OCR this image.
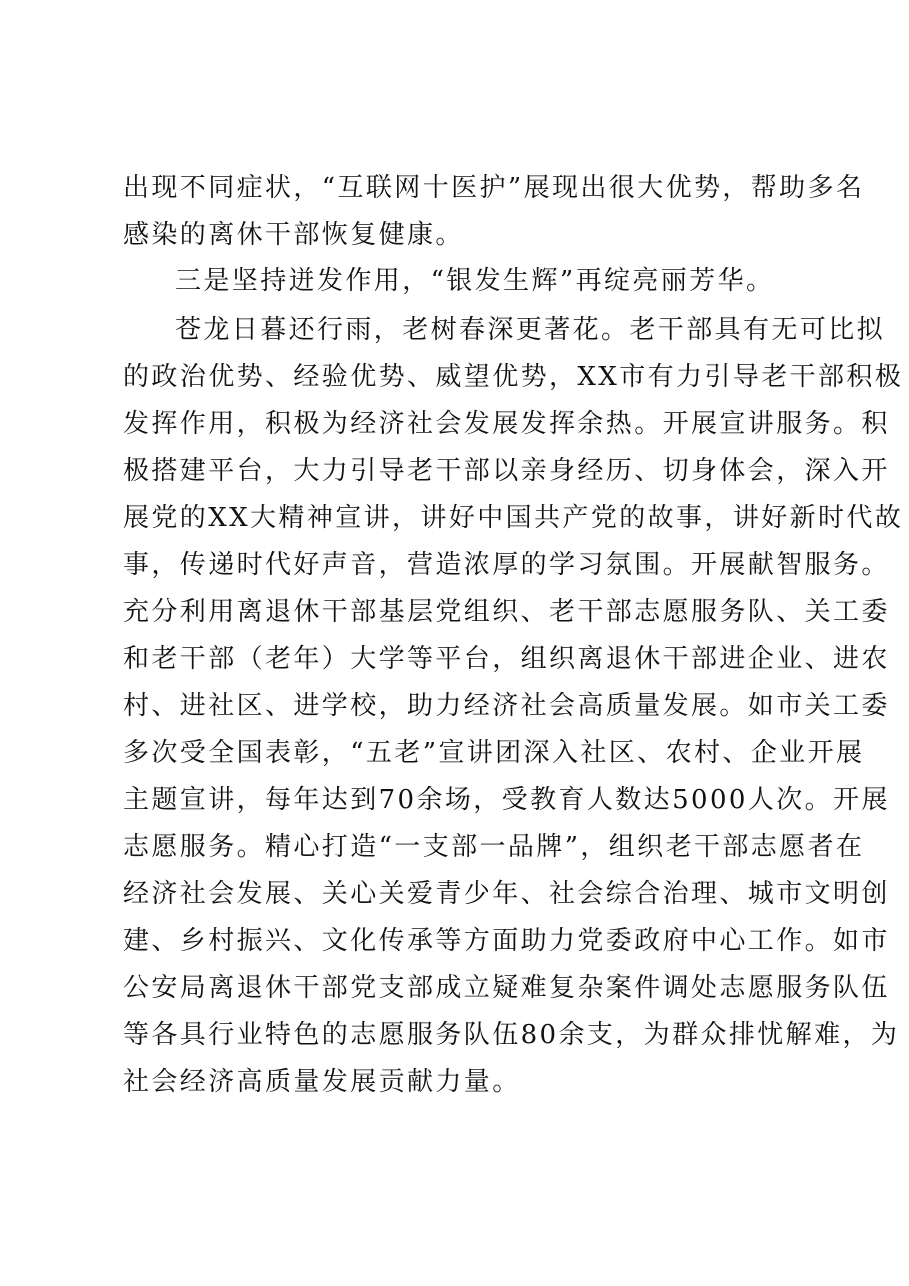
出现不同症状，“互联网十医护”展现出很大优势，帮助多名
感染的离休干部恢复健康。
三是坚持迸发作用，“银发生辉”再绽亮丽芳华。
苍龙日暮还行雨，老树春深更著花。老干部具有无可比拟
的政治优势、经验优势、威望优势，XX市有力引导老干部积极
发挥作用，积极为经济社会发展发挥余热。开展宣讲服务。积
极搭建平台，大力引导老干部以亲身经历、切身体会，深入开
展党的XX大精神宣讲，讲好中国共产党的故事，讲好新时代故
事，传递时代好声音，营造浓厚的学习氛围。开展献智服务。
充分利用离退休干部基层党组织、老干部志愿服务队、关工委
和老干部（老年）大学等平台，组织离退休干部进企业、进农
村、进社区、进学校，助力经济社会高质量发展。如市关工委
多次受全国表彰，“五老”宣讲团深入社区、农村、企业开展
主题宣讲，每年达到70余场，受教育人数达5000人次。开展
志愿服务。精心打造“一支部一品牌”，组织老干部志愿者在
经济社会发展、关心关爱青少年、社会综合治理、城市文明创
建、乡村振兴、文化传承等方面助力党委政府中心工作。如市
公安局离退休干部党支部成立疑难复杂案件调处志愿服务队伍
等各具行业特色的志愿服务队伍80余支，为群众排忧解难，为
社会经济高质量发展贡献力量。
